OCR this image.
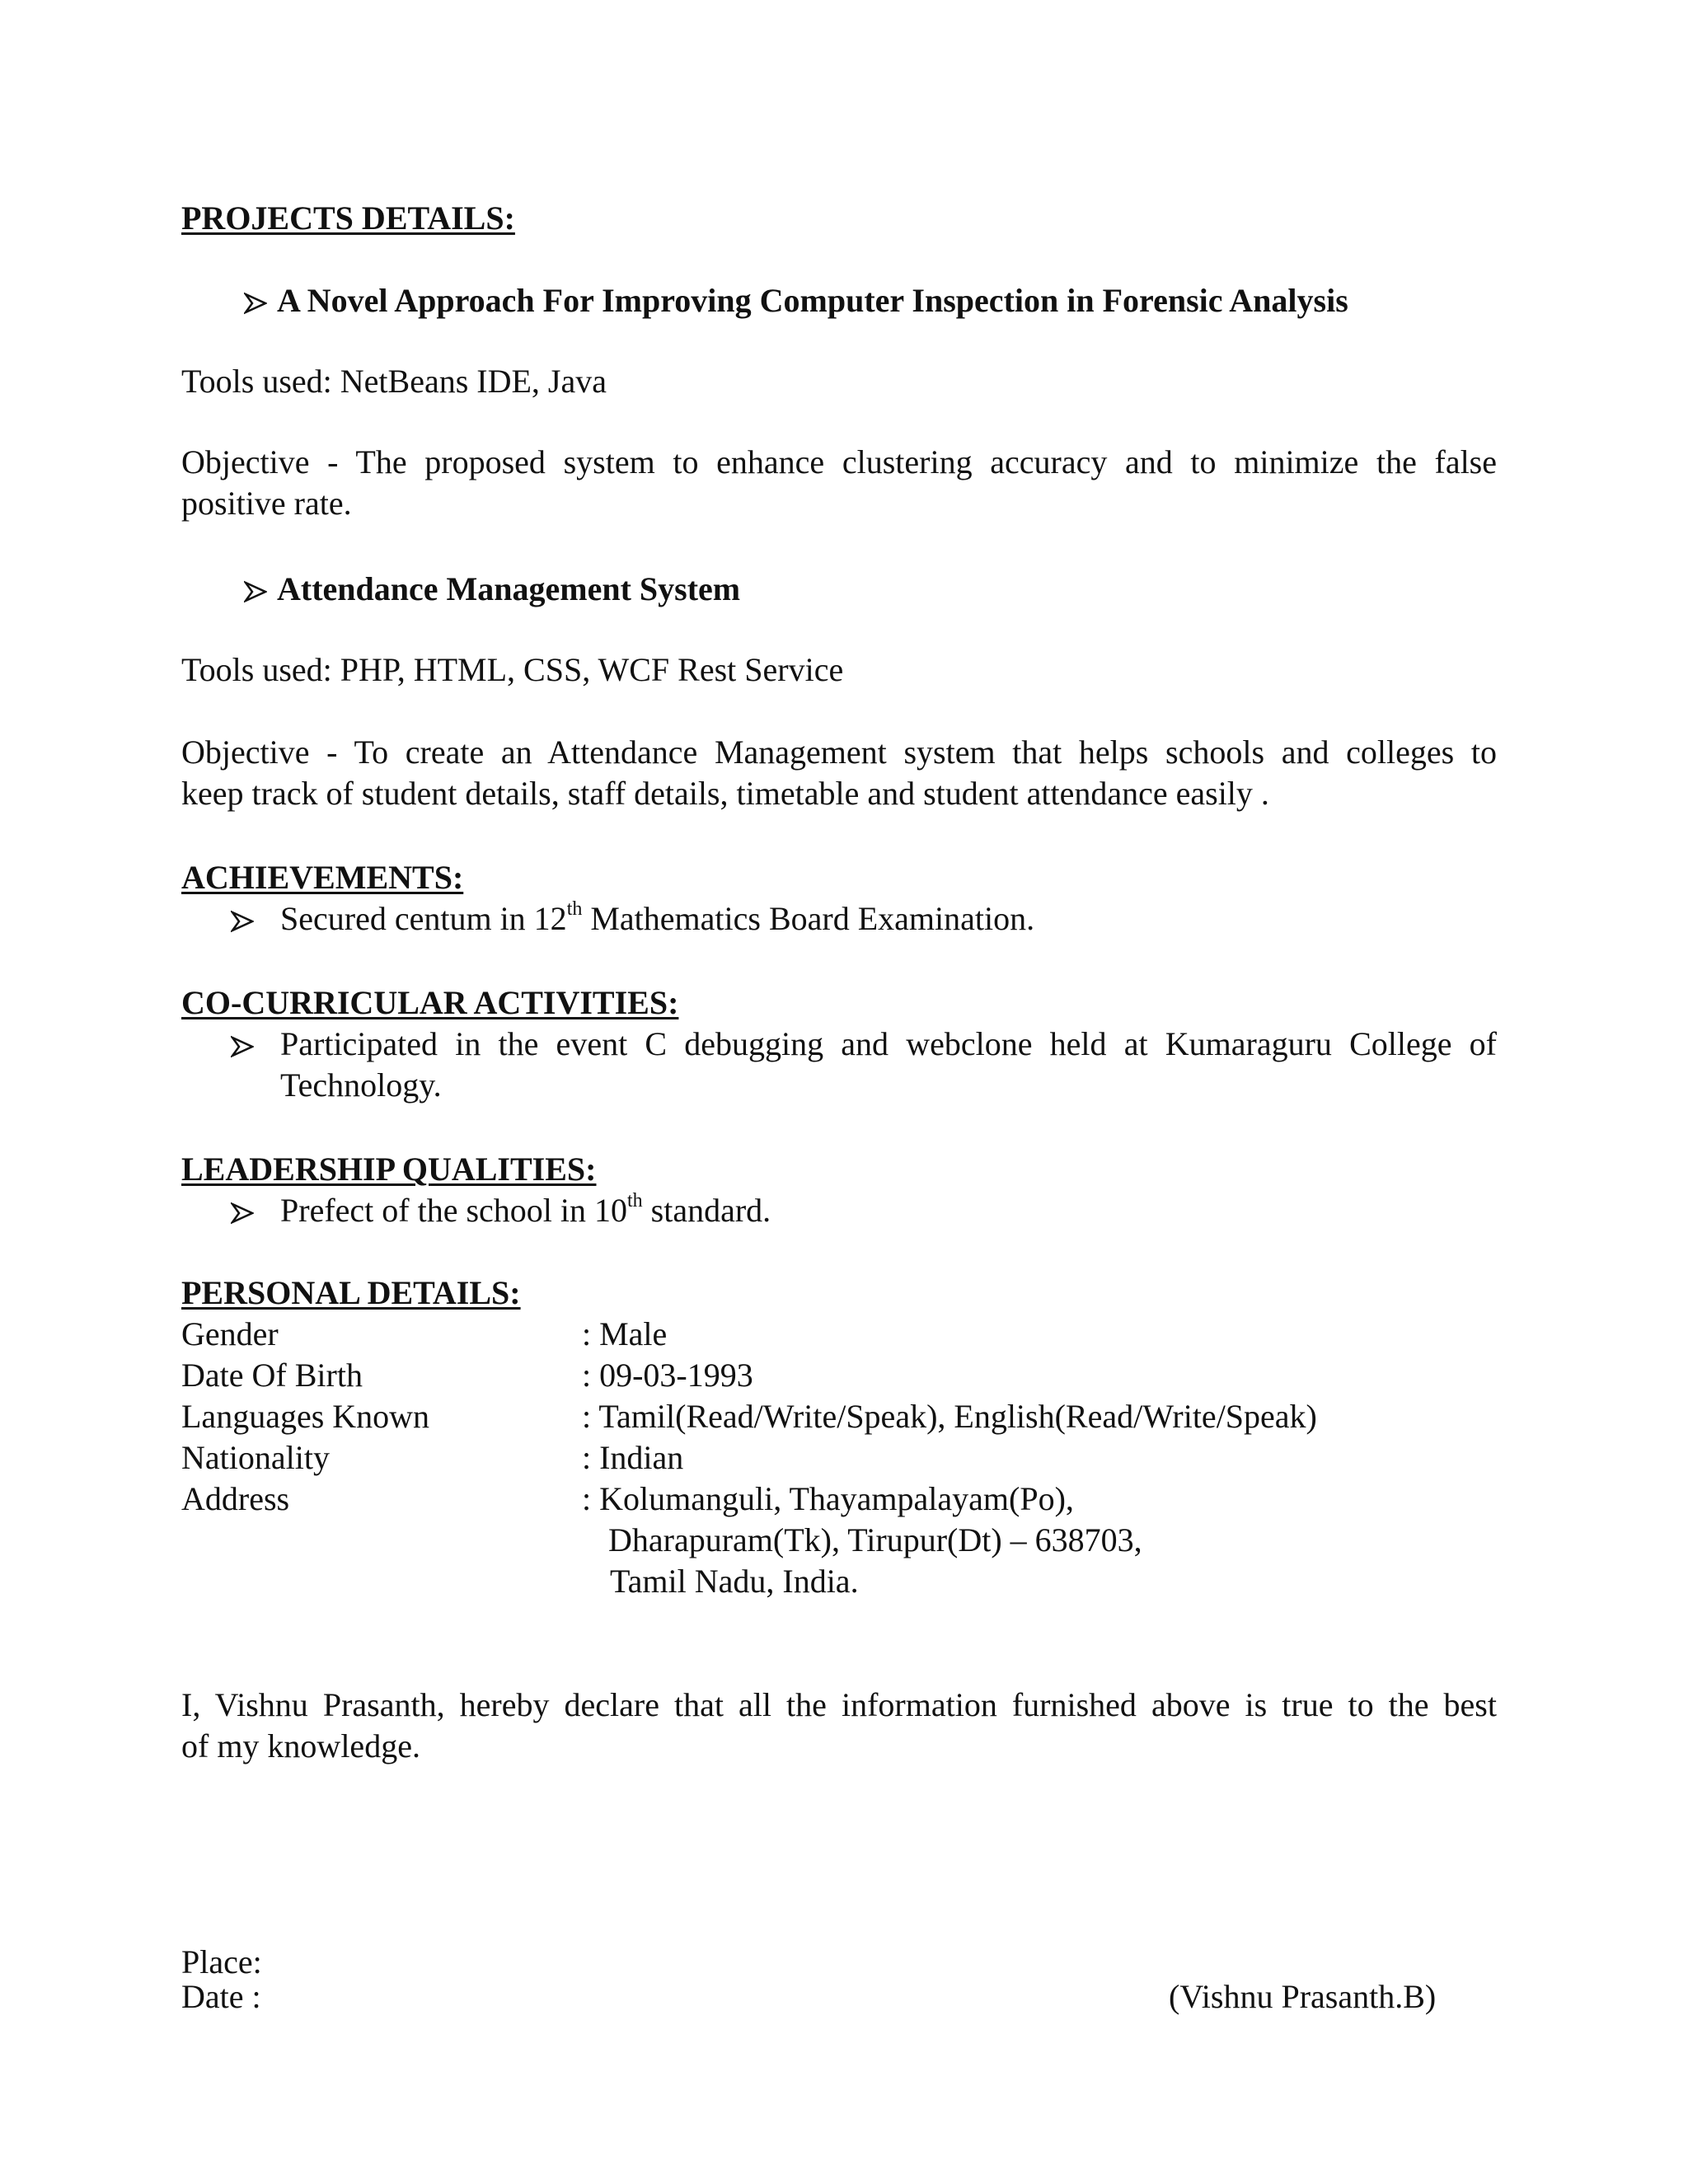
PROJECTS DETAILS:
A Novel Approach For Improving Computer Inspection in Forensic Analysis
Tools used: NetBeans IDE, Java
Objective - The proposed system to enhance clustering accuracy and to minimize the false
positive rate.
Attendance Management System
Tools used: PHP, HTML, CSS, WCF Rest Service
Objective - To create an Attendance Management system that helps schools and colleges to
keep track of student details, staff details, timetable and student attendance easily .
ACHIEVEMENTS:
Secured centum in 12th Mathematics Board Examination.
CO-CURRICULAR ACTIVITIES:
Participated in the event C debugging and webclone held at Kumaraguru College of
Technology.
LEADERSHIP QUALITIES:
Prefect of the school in 10th standard.
PERSONAL DETAILS:
Gender	: Male
Date Of Birth	: 09-03-1993
Languages Known	: Tamil(Read/Write/Speak), English(Read/Write/Speak)
Nationality	: Indian
Address	: Kolumanguli, Thayampalayam(Po),
Dharapuram(Tk), Tirupur(Dt) – 638703,
Tamil Nadu, India.
I, Vishnu Prasanth, hereby declare that all the information furnished above is true to the best
of my knowledge.
Place:
Date :	(Vishnu Prasanth.B)
